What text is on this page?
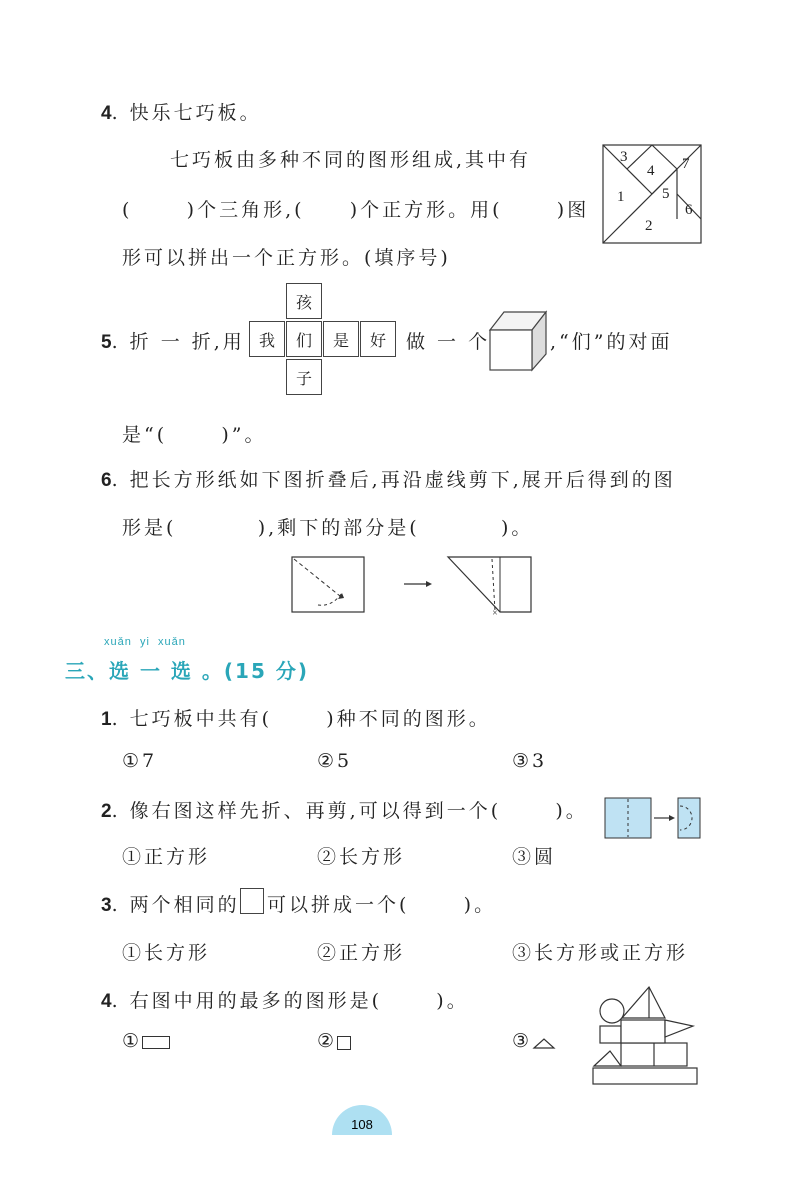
4. 快乐七巧板。
七巧板由多种不同的图形组成,其中有
(      )个三角形,(     )个正方形。用(      )图
形可以拼出一个正方形。(填序号)
3
4 7
1	5
6
2
5. 折 一 折,用
孩
我	们	是	好
子
做 一 个	,“们”的对面
是“(      )”。
6. 把长方形纸如下图折叠后,再沿虚线剪下,展开后得到的图
形是(         ),剩下的部分是(         )。
×
xuǎn  yi  xuǎn
三、选 一 选 。(15 分)
1. 七巧板中共有(      )种不同的图形。
①7	②5	③3
2. 像右图这样先折、再剪,可以得到一个(      )。
①正方形	②长方形	③圆
3. 两个相同的 可以拼成一个(      )。
①长方形	②正方形	③长方形或正方形
4. 右图中用的最多的图形是(      )。
①	②	③
108
